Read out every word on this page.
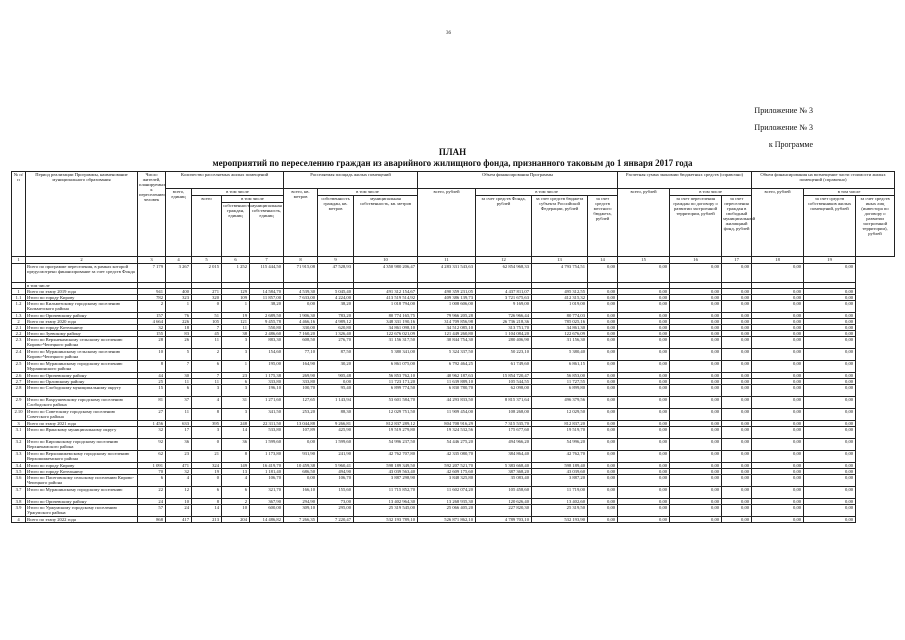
36
Приложение № 3
Приложение № 3
к Программе
ПЛАН
мероприятий по переселению граждан из аварийного жилищного фонда, признанного таковым до 1 января 2017 года
№ п/п	Период реализации Программы, наименование муниципального образования	Число жителей, планируемых к переселению, человек	Количество расселяемых жилых помещений				Расселяемая площадь жилых помещений			Объем финансирования Программы				Расчетная сумма экономии бюджетных средств (справочно)			Объем финансирования на возмещение части стоимости жилых помещений (справочно)		
			всего, единиц	в том числе			всего, кв. метров	в том числе		всего, рублей	в том числе			всего, рублей	в том числе		всего, рублей	в том числе	
				всего	в том числе			собственность граждан, кв. метров	муниципальная собственность, кв. метров		за счет средств Фонда, рублей	за счет средств бюджета субъекта Российской Федерации, рублей	за счет средств местного бюджета, рублей		за счет переселения граждан по договору о развитии застроенной территории, рублей	за счет переселения граждан в свободный муниципальный жилищный фонд, рублей		за счет средств собственников жилых помещений, рублей	за счет средств иных лиц (инвестора по договору о развитии застроенной территории), рублей
					собственность граждан, единиц	муниципальная собственность, единиц													
1	2	3	4	5	6	7	8	9	10	11	12	13	14	15	16	17	18	19	
	Всего по программе переселения, в рамках которой предусмотрено финансирование за счет средств Фонда	7 179	3 267	2 015	1 252	115 444,50	71 915,08	47 528,93	4 350 980 206,47	4 283 331 543,63	62 854 968,33	4 793 754,51	0,00	0,00	0,00	0,00	0,00	0,00	
	в том числе																		
1	Всего по этапу 2019 года	941	400	271	129	14 584,70	4 539,30	5 045,40	491 312 154,67	490 359 231,05	4 437 811,07	495 312,55	0,00	0,00	0,00	0,00	0,00	0,00	
1.1	Итого по городу Кирову	782	323	320	109	11 857,00	7 633,00	4 224,00	413 519 514,92	409 386 139,73	3 721 675,63	412 315,32	0,00	0,00	0,00	0,00	0,00	0,00	
1.2	Итого по Кильмезскому городскому поселению Кильмезского района	2	1	0	1	38,20	0,00	38,20	1 018 794,00	1 008 606,00	9 169,00	1 019,00	0,00	0,00	0,00	0,00	0,00	0,00	
1.3	Итого по Оричевскому району	157	76	51	19	2 689,50	1 906,30	783,20	80 774 165,75	79 966 205,28	726 966,44	80 774,03	0,00	0,00	0,00	0,00	0,00	0,00	
2	Всего по этапу 2020 года	4 664	226	105	121	9 455,78	4 466,16	4 989,12	348 331 190,16	314 709 856,98	26 736 218,36	785 025,16	0,00	0,00	0,00	0,00	0,00	0,00	
2.1	Итого по городу Котельничу	32	18	7	11	550,80	330,00	620,80	34 861 098,10	34 512 085,10	313 751,70	34 861,30	0,00	0,00	0,00	0,00	0,00	0,00	
2.2	Итого по Зуевскому району	155	83	45	38	2 486,60	7 160,20	1 326,40	122 676 021,09	121 449 260,80	1 104 084,20	122 676,09	0,00	0,00	0,00	0,00	0,00	0,00	
2.3	Итого по Верхнекамскому сельскому поселению Кирово-Чепецкого района	28	26	11	3	883,30	608,50	276,70	31 156 317,50	30 844 754,30	280 406,90	31 156,30	0,00	0,00	0,00	0,00	0,00	0,00	
2.4	Итого по Мурашинскому сельскому поселению Кирово-Чепецкого района	10	5	2	3	154,60	77,10	87,50	5 380 341,00	5 324 337,50	50 223,10	5 380,40	0,00	0,00	0,00	0,00	0,00	0,00	
2.5	Итого по Мурашинскому городскому поселению Мурашинского района	8	7	6	1	195,00	164,90	30,20	6 861 075,00	6 792 464,25	61 749,60	6 861,15	0,00	0,00	0,00	0,00	0,00	0,00	
2.6	Итого по Оричевскому району	44	30	7	23	1 175,38	269,90	905,48	56 853 762,10	40 962 187,63	15 854 720,47	56 853,00	0,00	0,00	0,00	0,00	0,00	0,00	
2.7	Итого по Орловскому району	25	11	11	6	333,80	333,80	0,00	11 723 171,20	11 639 889,10	105 544,55	11 727,55	0,00	0,00	0,00	0,00	0,00	0,00	
2.8	Итого по Слободскому муниципальному округу	15	6	3	3	196,10	100,70	95,40	6 899 774,50	6 830 780,70	62 098,00	6 899,80	0,00	0,00	0,00	0,00	0,00	0,00	
2.9	Итого по Вахрушевскому городскому поселению Слободского района	81	37	4	31	1 271,60	127,65	1 143,94	53 601 584,70	44 293 833,50	8 815 371,64	496 379,56	0,00	0,00	0,00	0,00	0,00	0,00	
2.10	Итого по Советскому городскому поселению Советского района	27	11	8	3	341,50	253,20	88,30	12 029 751,50	11 909 454,00	108 268,00	12 029,50	0,00	0,00	0,00	0,00	0,00	0,00	
3	Всего по этапу 2021 года	1 456	633	395	248	22 311,50	13 044,88	9 266,81	812 837 289,12	804 708 916,29	7 315 535,70	812 837,20	0,00	0,00	0,00	0,00	0,00	0,00	
3.1	Итого по Яранскому муниципальному округу	32	17	3	14	533,80	107,89	425,90	19 519 279,80	19 324 532,56	175 677,60	19 519,70	0,00	0,00	0,00	0,00	0,00	0,00	
3.2	Итого по Кирсинскому городскому поселению Верхнекамского района	92	36	0	36	1 599,60	0,00	1 599,60	54 996 237,50	54 446 275,20	494 966,20	54 996,20	0,00	0,00	0,00	0,00	0,00	0,00	
3.3	Итого по Верхошижемскому городскому поселению Верхошижемского района	62	23	21	8	1 173,80	931,90	241,90	42 762 707,80	42 335 080,70	384 864,40	42 762,70	0,00	0,00	0,00	0,00	0,00	0,00	
3.4	Итого по городу Кирову	1 091	471	324	149	16 419,70	10 459,38	5 960,41	598 189 349,50	592 207 521,70	5 383 668,40	598 189,40	0,00	0,00	0,00	0,00	0,00	0,00	
3.5	Итого по городу Котельничу	70	32	19	13	1 181,40	686,50	494,90	43 039 563,40	42 609 175,60	387 368,20	43 039,60	0,00	0,00	0,00	0,00	0,00	0,00	
3.6	Итого по Пасеговскому сельскому поселению Кирово-Чепецкого района	6	4	0	4	106,70	0,00	106,70	3 887 298,90	3 848 325,80	35 083,40	3 887,20	0,00	0,00	0,00	0,00	0,00	0,00	
3.7	Итого по Мурашинскому городскому поселению	22	12	6	6	321,70	166,10	155,60	11 715 852,70	11 602 074,20	105 458,60	11 719,00	0,00	0,00	0,00	0,00	0,00	0,00	
3.8	Итого по Оричевскому району	24	10	8	2	367,90	294,90	73,00	13 402 964,30	13 268 935,30	120 626,40	13 402,60	0,00	0,00	0,00	0,00	0,00	0,00	
3.9	Итого по Уржумскому городскому поселению Уржумского района	57	24	14	10	600,00	309,10	295,00	25 319 545,00	25 066 405,20	227 820,30	25 319,50	0,00	0,00	0,00	0,00	0,00	0,00	
4	Всего по этапу 2022 года	868	417	213	204	14 486,82	7 266,35	7 220,47	532 193 789,10	526 871 862,10	4 789 703,10	532 193,90	0,00	0,00	0,00	0,00	0,00	0,00	
